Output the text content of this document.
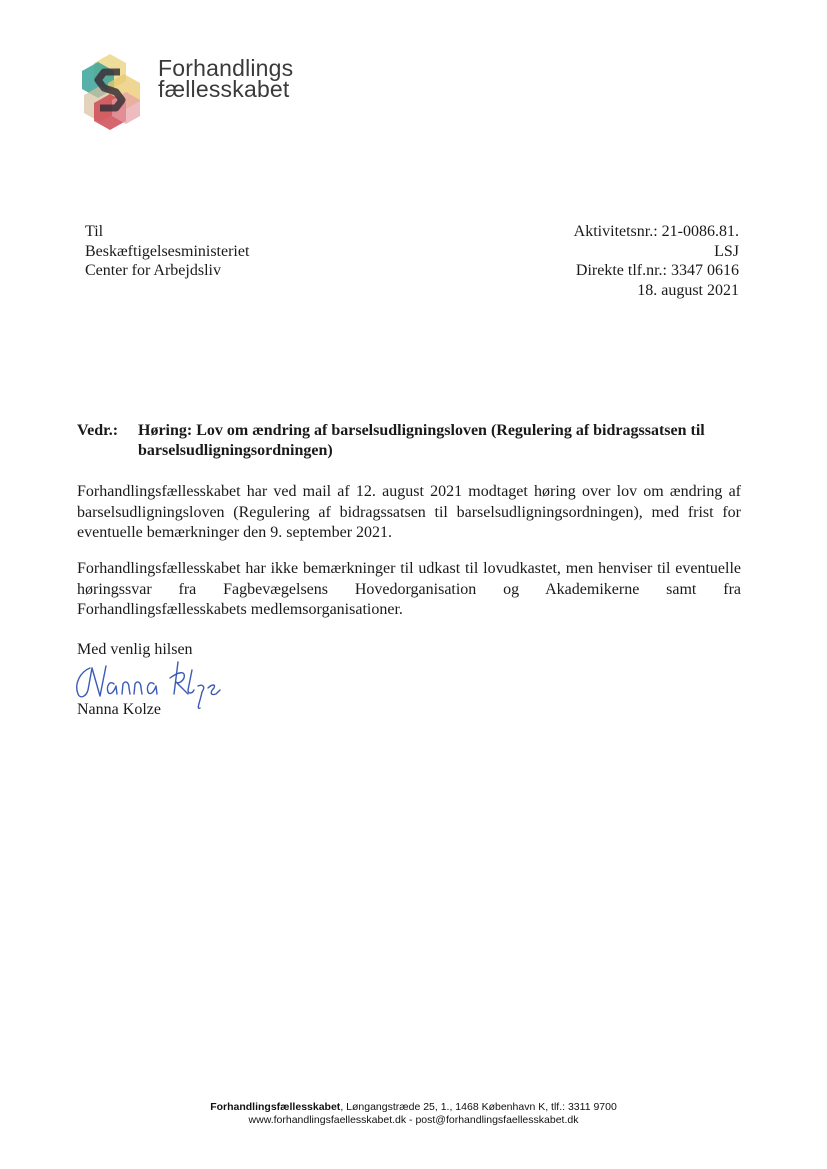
Forhandlings
fællesskabet
Til
Beskæftigelsesministeriet
Center for Arbejdsliv
Aktivitetsnr.: 21-0086.81.
LSJ
Direkte tlf.nr.: 3347 0616
18. august 2021
Vedr.: Høring: Lov om ændring af barselsudligningsloven (Regulering af bidragssatsen til barselsudligningsordningen)
Forhandlingsfællesskabet har ved mail af 12. august 2021 modtaget høring over lov om ændring af barselsudligningsloven (Regulering af bidragssatsen til barselsudligningsordningen), med frist for eventuelle bemærkninger den 9. september 2021.
Forhandlingsfællesskabet har ikke bemærkninger til udkast til lovudkastet, men henviser til eventuelle høringssvar fra Fagbevægelsens Hovedorganisation og Akademikerne samt fra Forhandlingsfællesskabets medlemsorganisationer.
Med venlig hilsen
Nanna Kolze
Forhandlingsfællesskabet, Løngangstræde 25, 1., 1468 København K, tlf.: 3311 9700
www.forhandlingsfaellesskabet.dk - post@forhandlingsfaellesskabet.dk
